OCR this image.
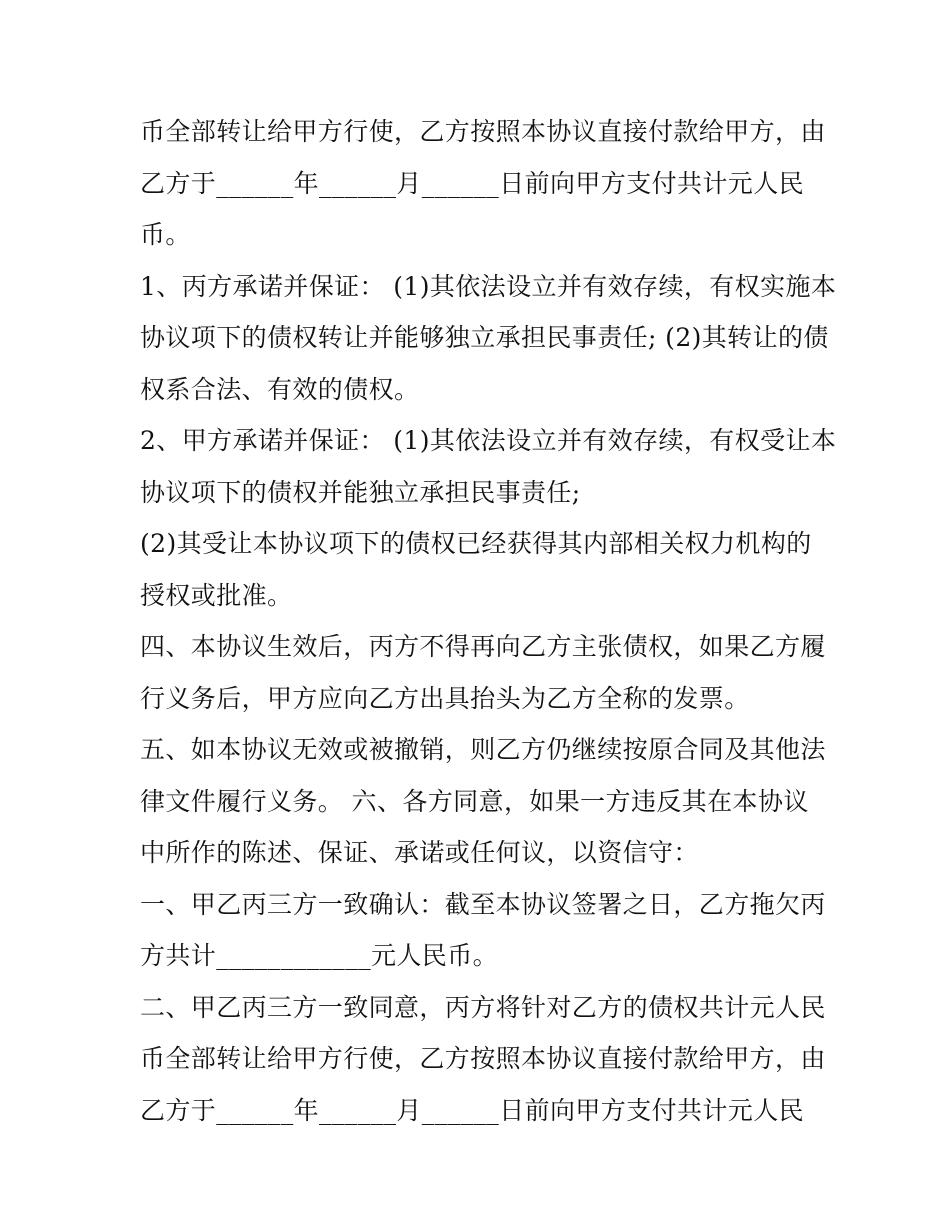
币全部转让给甲方行使，乙方按照本协议直接付款给甲方，由
乙方于______年______月______日前向甲方支付共计元人民
币。
1、丙方承诺并保证： (1)其依法设立并有效存续，有权实施本
协议项下的债权转让并能够独立承担民事责任; (2)其转让的债
权系合法、有效的债权。
2、甲方承诺并保证： (1)其依法设立并有效存续，有权受让本
协议项下的债权并能独立承担民事责任;
(2)其受让本协议项下的债权已经获得其内部相关权力机构的
授权或批准。
四、本协议生效后，丙方不得再向乙方主张债权，如果乙方履
行义务后，甲方应向乙方出具抬头为乙方全称的发票。
五、如本协议无效或被撤销，则乙方仍继续按原合同及其他法
律文件履行义务。 六、各方同意，如果一方违反其在本协议
中所作的陈述、保证、承诺或任何议，以资信守：
一、甲乙丙三方一致确认：截至本协议签署之日，乙方拖欠丙
方共计____________元人民币。
二、甲乙丙三方一致同意，丙方将针对乙方的债权共计元人民
币全部转让给甲方行使，乙方按照本协议直接付款给甲方，由
乙方于______年______月______日前向甲方支付共计元人民
